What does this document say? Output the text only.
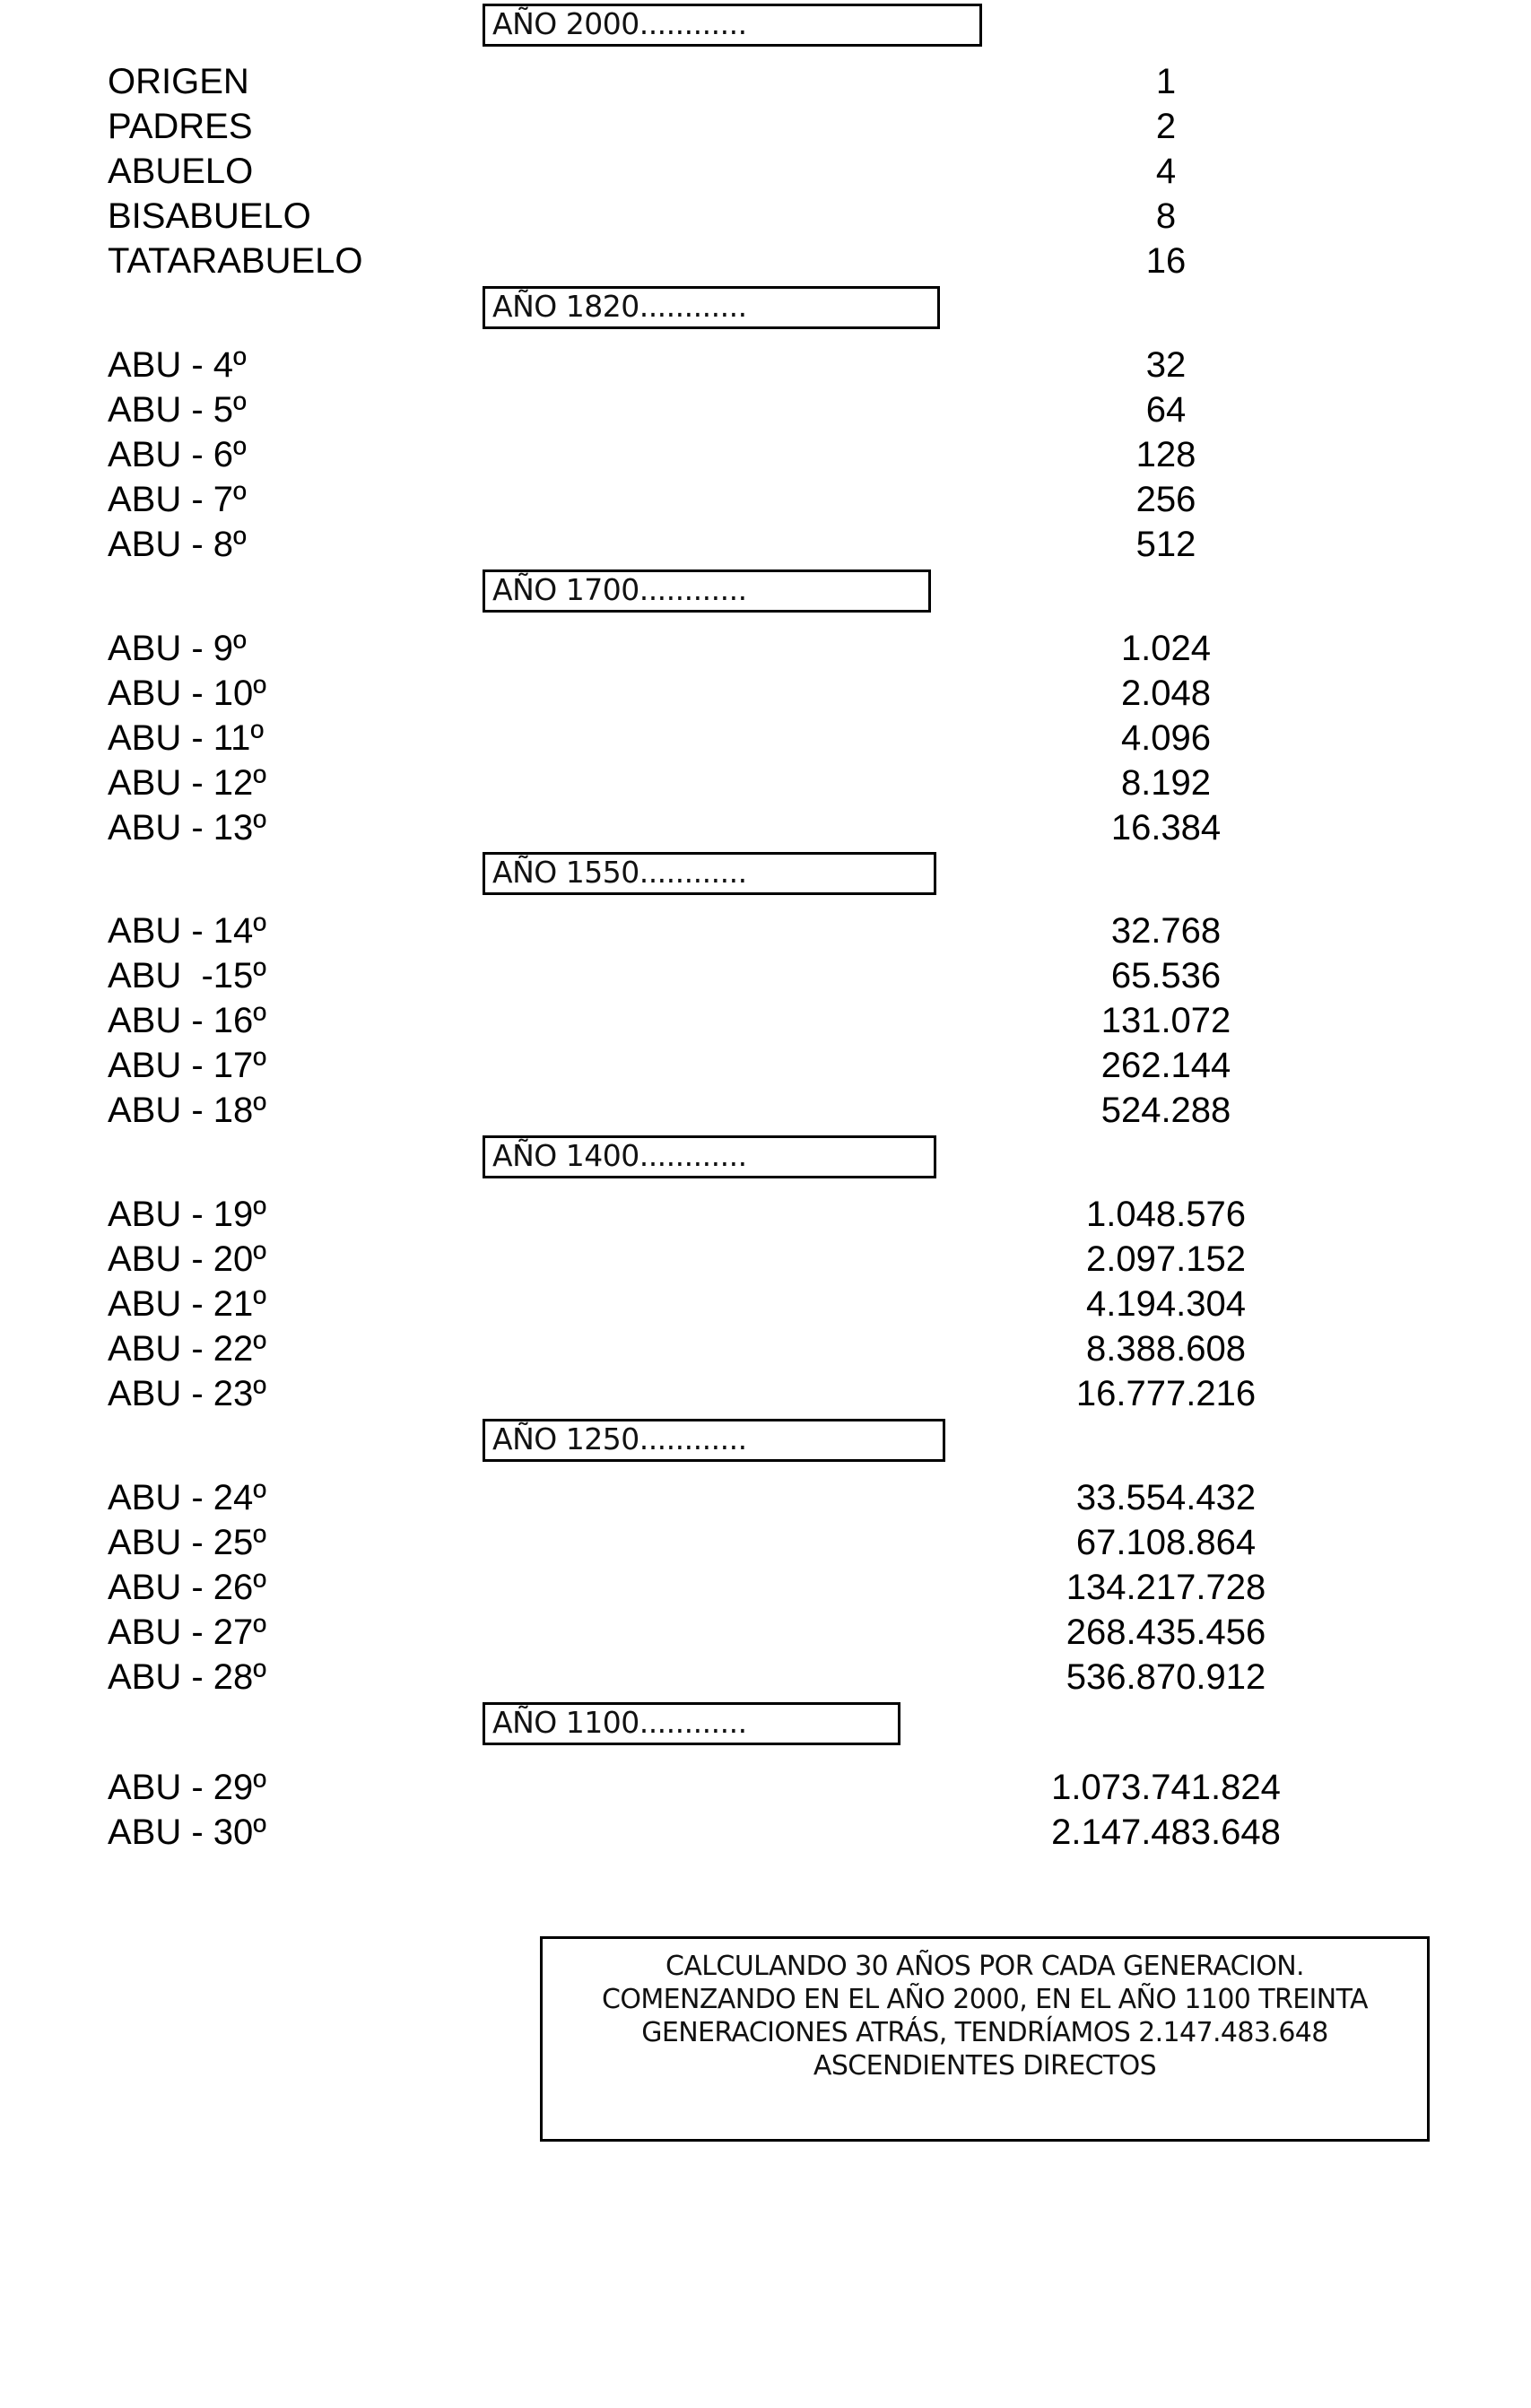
AÑO 2000............
AÑO 1820............
AÑO 1700............
AÑO 1550............
AÑO 1400............
AÑO 1250............
AÑO 1100............
ORIGEN	1
PADRES	2
ABUELO	4
BISABUELO	8
TATARABUELO	16
ABU - 4º	32
ABU - 5º	64
ABU - 6º	128
ABU - 7º	256
ABU - 8º	512
ABU - 9º	1.024
ABU - 10º	2.048
ABU - 11º	4.096
ABU - 12º	8.192
ABU - 13º	16.384
ABU - 14º	32.768
ABU  -15º	65.536
ABU - 16º	131.072
ABU - 17º	262.144
ABU - 18º	524.288
ABU - 19º	1.048.576
ABU - 20º	2.097.152
ABU - 21º	4.194.304
ABU - 22º	8.388.608
ABU - 23º	16.777.216
ABU - 24º	33.554.432
ABU - 25º	67.108.864
ABU - 26º	134.217.728
ABU - 27º	268.435.456
ABU - 28º	536.870.912
ABU - 29º	1.073.741.824
ABU - 30º	2.147.483.648
CALCULANDO 30 AÑOS POR CADA GENERACION.
COMENZANDO EN EL AÑO 2000, EN EL AÑO 1100 TREINTA
GENERACIONES ATRÁS, TENDRÍAMOS 2.147.483.648
ASCENDIENTES DIRECTOS
